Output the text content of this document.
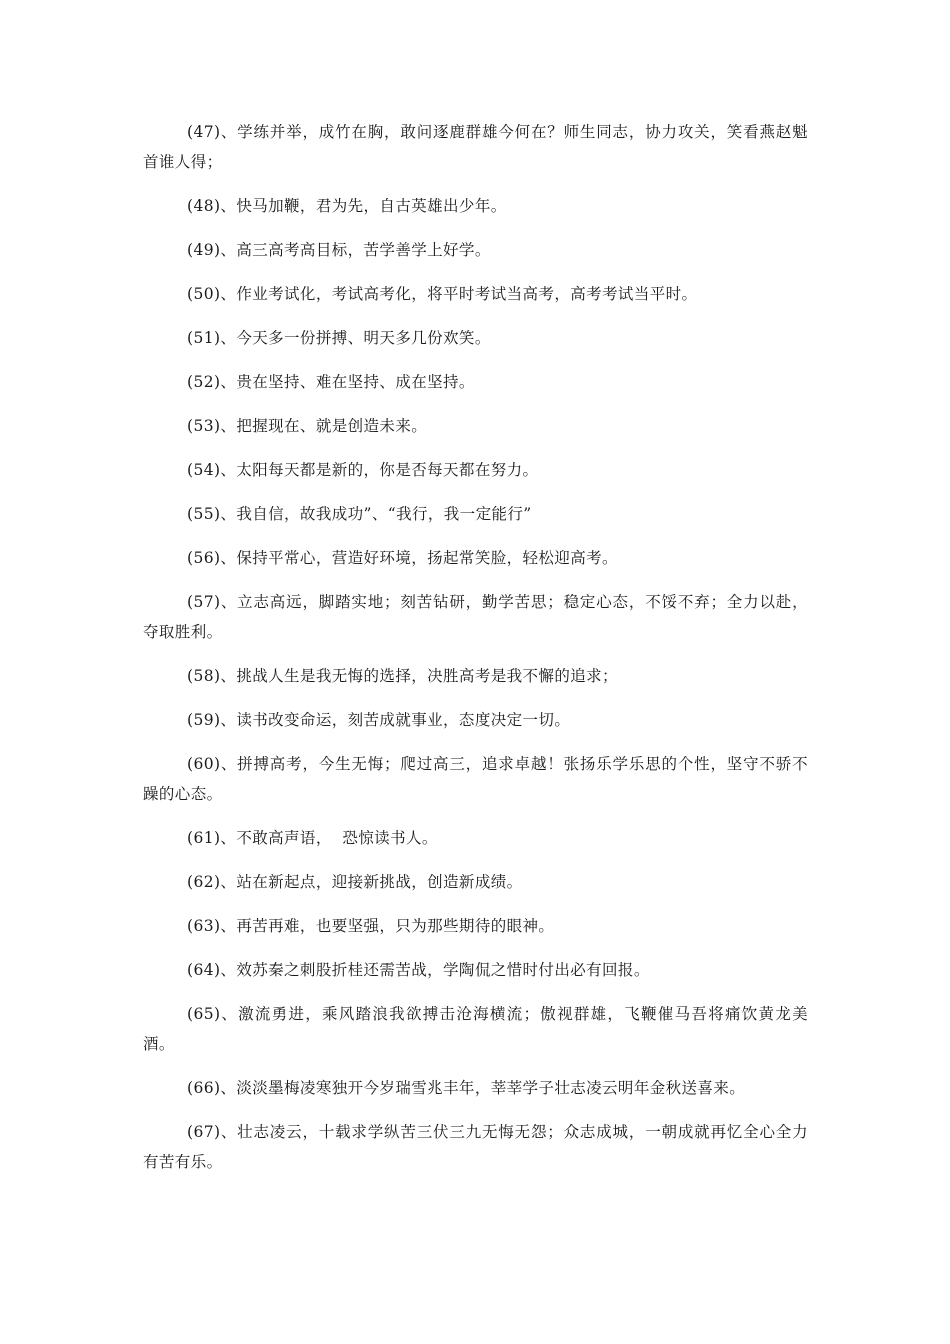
(47)、学练并举，成竹在胸，敢问逐鹿群雄今何在？师生同志，协力攻关，笑看燕赵魁首谁人得；

(48)、快马加鞭，君为先，自古英雄出少年。

(49)、高三高考高目标，苦学善学上好学。

(50)、作业考试化，考试高考化，将平时考试当高考，高考考试当平时。

(51)、今天多一份拼搏、明天多几份欢笑。

(52)、贵在坚持、难在坚持、成在坚持。

(53)、把握现在、就是创造未来。

(54)、太阳每天都是新的，你是否每天都在努力。

(55)、我自信，故我成功”、“我行，我一定能行”

(56)、保持平常心，营造好环境，扬起常笑脸，轻松迎高考。

(57)、立志高远，脚踏实地；刻苦钻研，勤学苦思；稳定心态，不馁不弃；全力以赴，夺取胜利。

(58)、挑战人生是我无悔的选择，决胜高考是我不懈的追求；

(59)、读书改变命运，刻苦成就事业，态度决定一切。

(60)、拼搏高考，今生无悔；爬过高三，追求卓越！张扬乐学乐思的个性，坚守不骄不躁的心态。

(61)、不敢高声语，  恐惊读书人。

(62)、站在新起点，迎接新挑战，创造新成绩。

(63)、再苦再难，也要坚强，只为那些期待的眼神。

(64)、效苏秦之刺股折桂还需苦战，学陶侃之惜时付出必有回报。

(65)、激流勇进，乘风踏浪我欲搏击沧海横流；傲视群雄，飞鞭催马吾将痛饮黄龙美酒。

(66)、淡淡墨梅凌寒独开今岁瑞雪兆丰年，莘莘学子壮志凌云明年金秋送喜来。

(67)、壮志凌云，十载求学纵苦三伏三九无悔无怨；众志成城，一朝成就再忆全心全力有苦有乐。
